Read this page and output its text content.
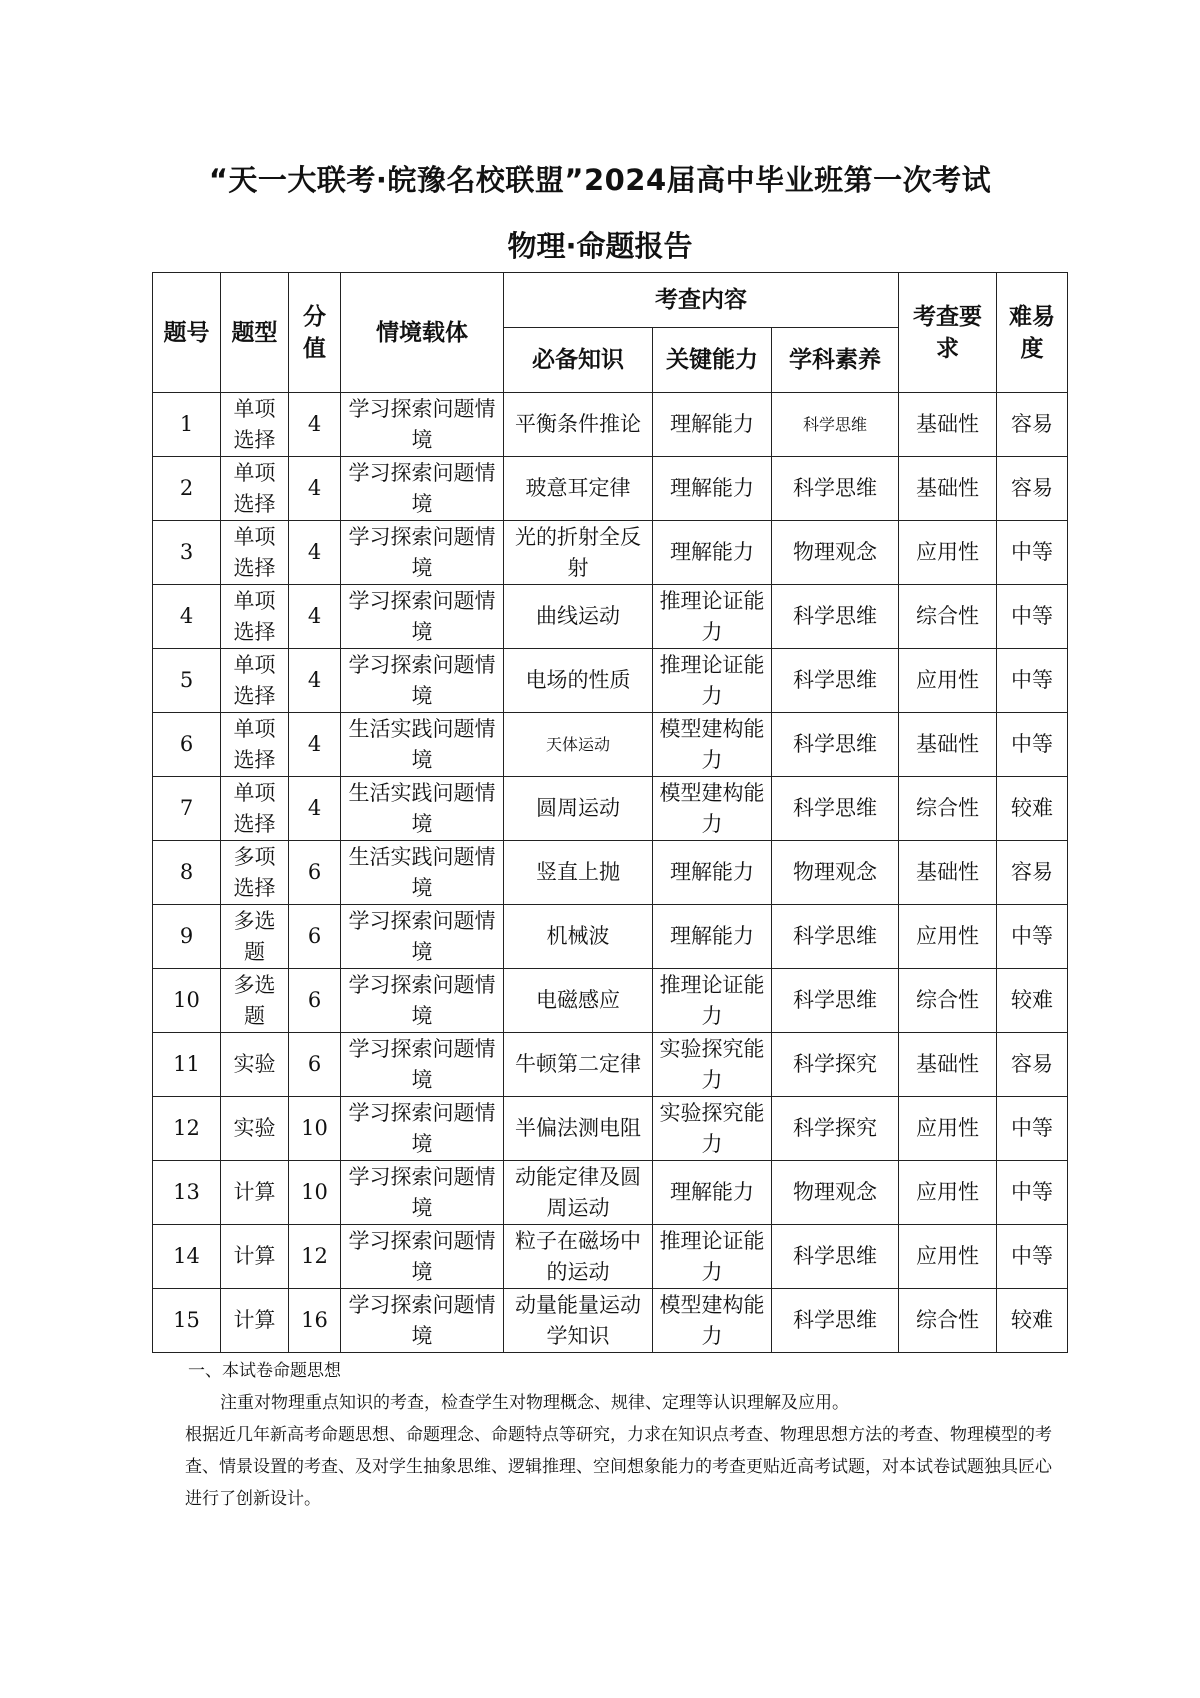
“天一大联考·皖豫名校联盟”2024届高中毕业班第一次考试
物理·命题报告
题号	题型	分值	情境载体	考查内容			考查要求	难易度
				必备知识	关键能力	学科素养		
1	单项选择	4	学习探索问题情境	平衡条件推论	理解能力	科学思维	基础性	容易
2	单项选择	4	学习探索问题情境	玻意耳定律	理解能力	科学思维	基础性	容易
3	单项选择	4	学习探索问题情境	光的折射全反射	理解能力	物理观念	应用性	中等
4	单项选择	4	学习探索问题情境	曲线运动	推理论证能力	科学思维	综合性	中等
5	单项选择	4	学习探索问题情境	电场的性质	推理论证能力	科学思维	应用性	中等
6	单项选择	4	生活实践问题情境	天体运动	模型建构能力	科学思维	基础性	中等
7	单项选择	4	生活实践问题情境	圆周运动	模型建构能力	科学思维	综合性	较难
8	多项选择	6	生活实践问题情境	竖直上抛	理解能力	物理观念	基础性	容易
9	多选题	6	学习探索问题情境	机械波	理解能力	科学思维	应用性	中等
10	多选题	6	学习探索问题情境	电磁感应	推理论证能力	科学思维	综合性	较难
11	实验	6	学习探索问题情境	牛顿第二定律	实验探究能力	科学探究	基础性	容易
12	实验	10	学习探索问题情境	半偏法测电阻	实验探究能力	科学探究	应用性	中等
13	计算	10	学习探索问题情境	动能定律及圆周运动	理解能力	物理观念	应用性	中等
14	计算	12	学习探索问题情境	粒子在磁场中的运动	推理论证能力	科学思维	应用性	中等
15	计算	16	学习探索问题情境	动量能量运动学知识	模型建构能力	科学思维	综合性	较难

一、本试卷命题思想

注重对物理重点知识的考查，检查学生对物理概念、规律、定理等认识理解及应用。

根据近几年新高考命题思想、命题理念、命题特点等研究，力求在知识点考查、物理思想方法的考查、物理模型的考查、情景设置的考查、及对学生抽象思维、逻辑推理、空间想象能力的考查更贴近高考试题，对本试卷试题独具匠心进行了创新设计。
